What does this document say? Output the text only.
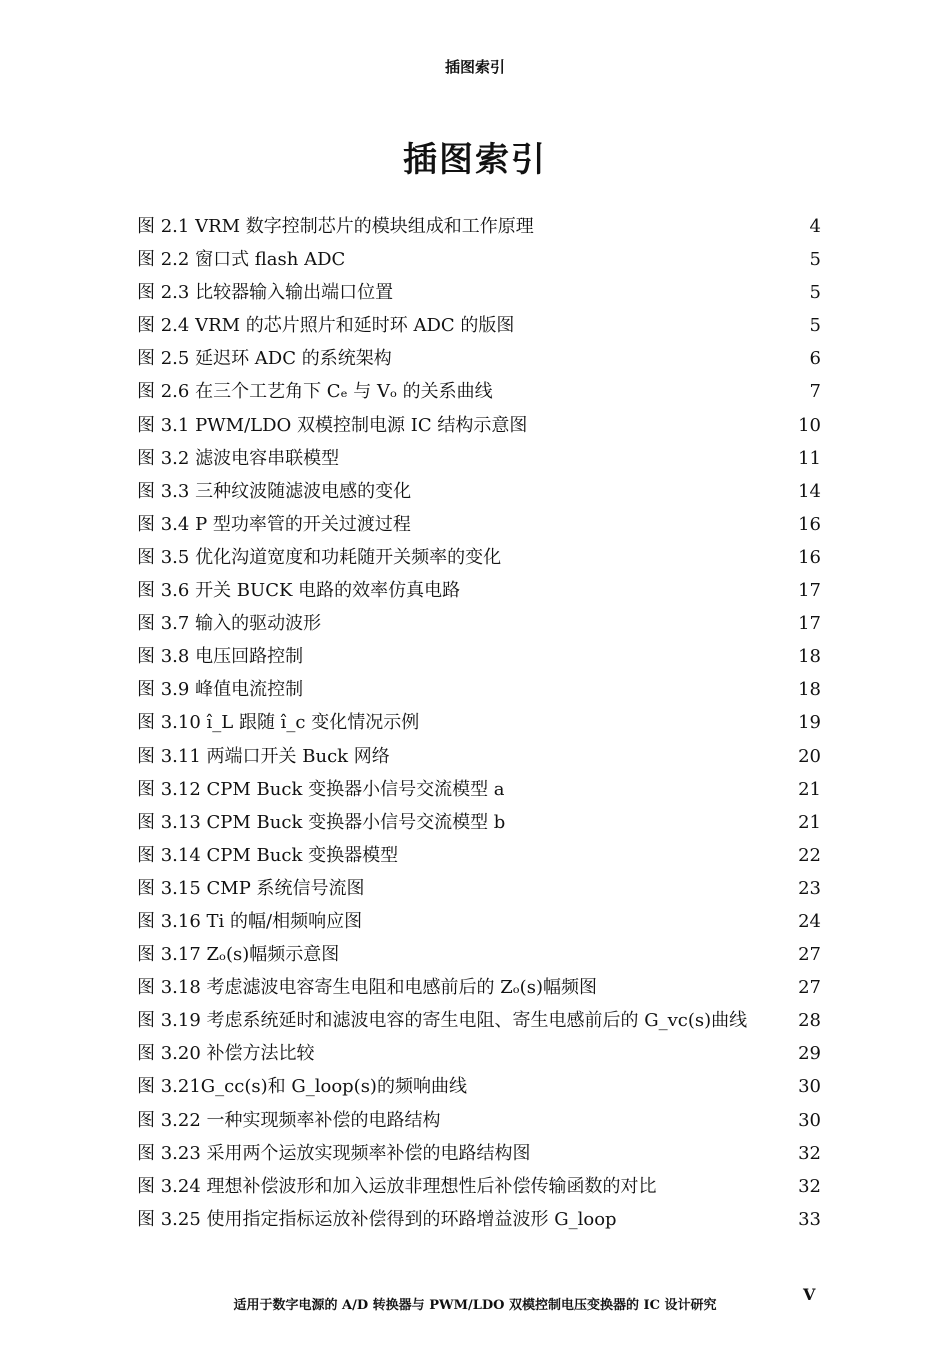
插图索引
插图索引
图 2.1 VRM 数字控制芯片的模块组成和工作原理	4
图 2.2 窗口式 flash ADC	5
图 2.3 比较器输入输出端口位置	5
图 2.4 VRM 的芯片照片和延时环 ADC 的版图	5
图 2.5 延迟环 ADC 的系统架构	6
图 2.6 在三个工艺角下 Cₑ 与 Vₒ 的关系曲线	7
图 3.1 PWM/LDO 双模控制电源 IC 结构示意图	10
图 3.2 滤波电容串联模型	11
图 3.3 三种纹波随滤波电感的变化	14
图 3.4 P 型功率管的开关过渡过程	16
图 3.5 优化沟道宽度和功耗随开关频率的变化	16
图 3.6 开关 BUCK 电路的效率仿真电路	17
图 3.7 输入的驱动波形	17
图 3.8 电压回路控制	18
图 3.9 峰值电流控制	18
图 3.10 î_L 跟随 î_c 变化情况示例	19
图 3.11 两端口开关 Buck 网络	20
图 3.12 CPM Buck 变换器小信号交流模型 a	21
图 3.13 CPM Buck 变换器小信号交流模型 b	21
图 3.14 CPM Buck 变换器模型	22
图 3.15 CMP 系统信号流图	23
图 3.16 Ti 的幅/相频响应图	24
图 3.17 Zₒ(s)幅频示意图	27
图 3.18 考虑滤波电容寄生电阻和电感前后的 Zₒ(s)幅频图	27
图 3.19 考虑系统延时和滤波电容的寄生电阻、寄生电感前后的 G_vc(s)曲线	28
图 3.20 补偿方法比较	29
图 3.21G_cc(s)和 G_loop(s)的频响曲线	30
图 3.22 一种实现频率补偿的电路结构	30
图 3.23 采用两个运放实现频率补偿的电路结构图	32
图 3.24 理想补偿波形和加入运放非理想性后补偿传输函数的对比	32
图 3.25 使用指定指标运放补偿得到的环路增益波形 G_loop	33
适用于数字电源的 A/D 转换器与 PWM/LDO 双模控制电压变换器的 IC 设计研究
V
